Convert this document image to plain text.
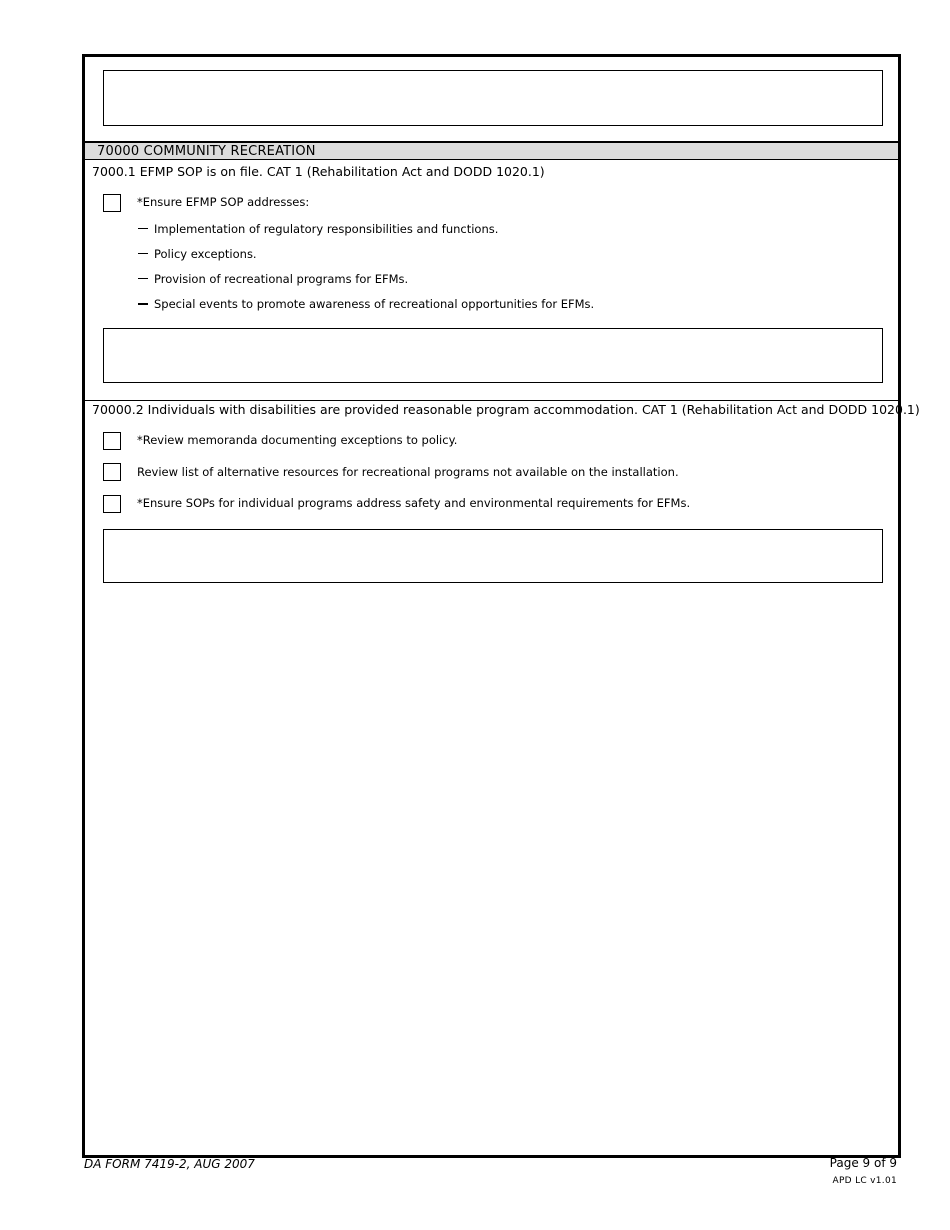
70000 COMMUNITY RECREATION
7000.1 EFMP SOP is on file. CAT 1 (Rehabilitation Act and DODD 1020.1)
*Ensure EFMP SOP addresses:
Implementation of regulatory responsibilities and functions.
Policy exceptions.
Provision of recreational programs for EFMs.
Special events to promote awareness of recreational opportunities for EFMs.
70000.2 Individuals with disabilities are provided reasonable program accommodation. CAT 1 (Rehabilitation Act and DODD 1020.1)
*Review memoranda documenting exceptions to policy.
Review list of alternative resources for recreational programs not available on the installation.
*Ensure SOPs for individual programs address safety and environmental requirements for EFMs.
DA FORM 7419-2, AUG 2007	Page 9 of 9
APD LC v1.01
